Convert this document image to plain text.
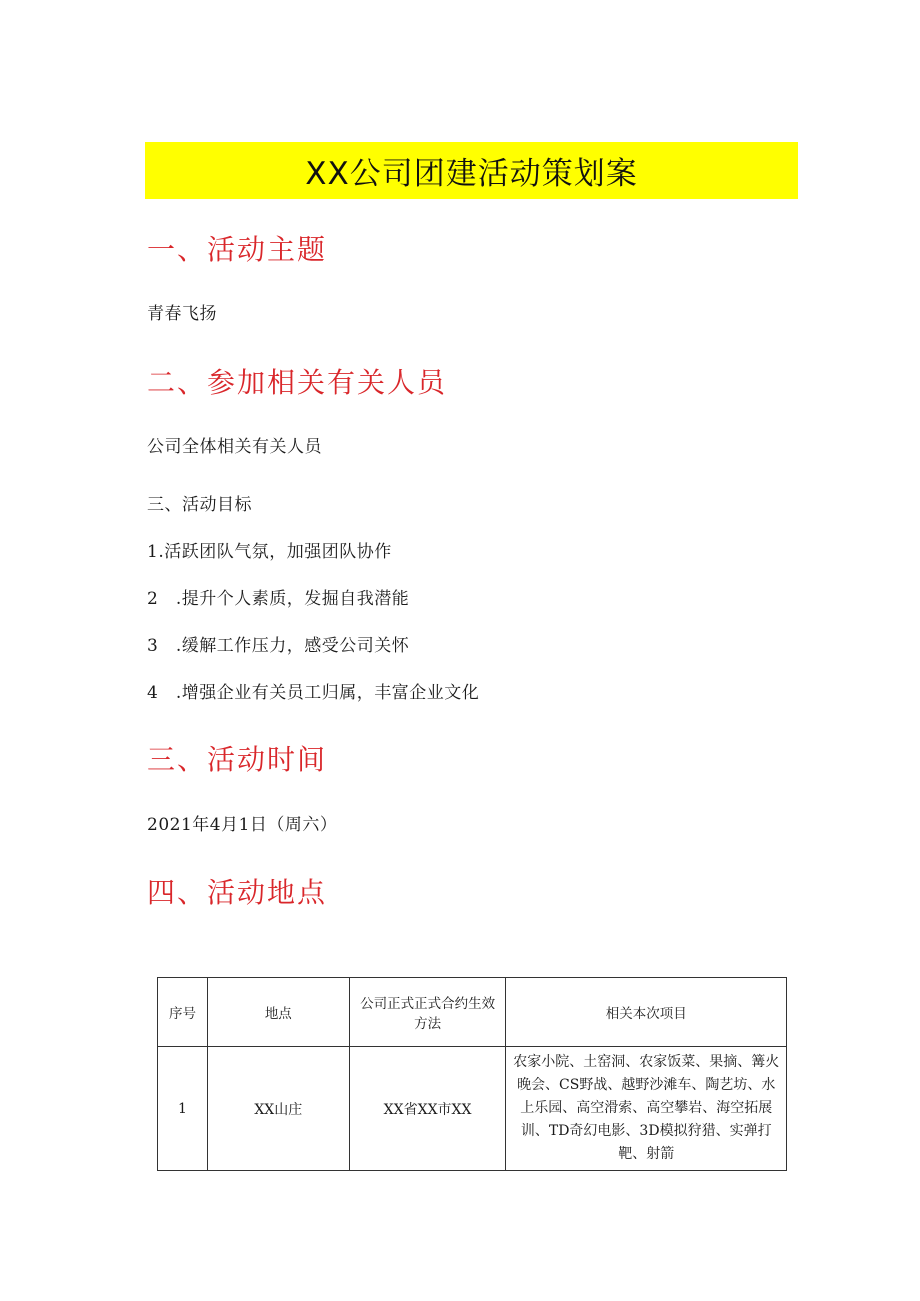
XX公司团建活动策划案
一、活动主题
青春飞扬
二、参加相关有关人员
公司全体相关有关人员
三、活动目标
1.活跃团队气氛，加强团队协作
2　.提升个人素质，发掘自我潜能
3　.缓解工作压力，感受公司关怀
4　.增强企业有关员工归属，丰富企业文化
三、活动时间
2021年4月1日（周六）
四、活动地点
序号	地点	公司正式正式合约生效方法	相关本次项目
1	XX山庄	XX省XX市XX	农家小院、土窑洞、农家饭菜、果摘、篝火晚会、CS野战、越野沙滩车、陶艺坊、水上乐园、高空滑索、高空攀岩、海空拓展训、TD奇幻电影、3D模拟狩猎、实弹打靶、射箭
